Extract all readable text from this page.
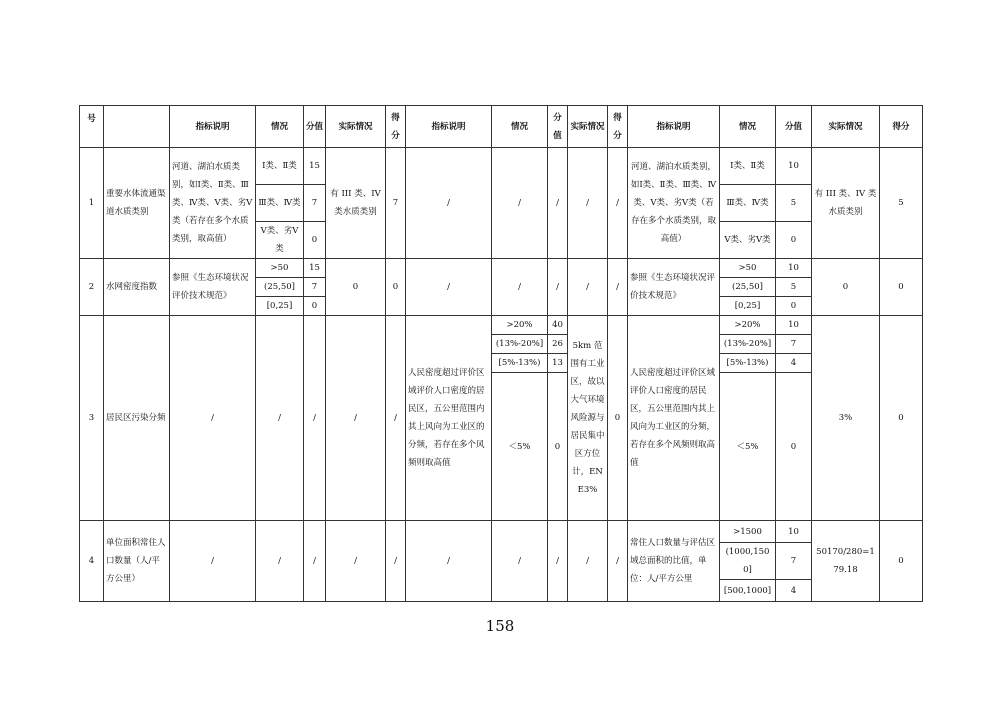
号		指标说明	情况	分值	实际情况	得分	指标说明	情况	分值	实际情况	得分	指标说明	情况	分值	实际情况	得分
1	重要水体流通渠道水质类别	河道、湖泊水质类别，如Ⅰ类、Ⅱ类、Ⅲ类、Ⅳ类、Ⅴ类、劣Ⅴ类（若存在多个水质类别，取高值）	Ⅰ类、Ⅱ类	15	有 III 类、IV 类水质类别	7	/	/	/	/	/	河道、湖泊水质类别，如Ⅰ类、Ⅱ类、Ⅲ类、Ⅳ类、Ⅴ类、劣Ⅴ类（若存在多个水质类别，取高值）	Ⅰ类、Ⅱ类	10	有 III 类、IV 类水质类别	5
			Ⅲ类、Ⅳ类	7									Ⅲ类、Ⅳ类	5		
			Ⅴ类、劣Ⅴ类	0									Ⅴ类、劣Ⅴ类	0		
2	水网密度指数	参照《生态环境状况评价技术规范》	>50	15	0	0	/	/	/	/	/	参照《生态环境状况评价技术规范》	>50	10	0	0
			(25,50]	7									(25,50]	5		
			[0,25]	0									[0,25]	0		
3	居民区污染分频	/	/	/	/	/	人民密度超过评价区域评价人口密度的居民区，五公里范围内其上风向为工业区的分频，若存在多个风频则取高值	>20%	40	5km 范围有工业区，故以大气环境风险源与居民集中区方位计，ENE3%	0	人民密度超过评价区域评价人口密度的居民区，五公里范围内其上风向为工业区的分频，若存在多个风频则取高值	>20%	10	3%	0
								(13%-20%]	26				(13%-20%]	7		
								[5%-13%)	13				[5%-13%)	4		
								＜5%	0				＜5%	0		
4	单位面积常住人口数量（人/平方公里）	/	/	/	/	/	/	/	/	/	/	常住人口数量与评估区域总面积的比值，单位：人/平方公里	>1500	10	50170/280=179.18	0
													(1000,1500]	7		
													[500,1000]	4		
158
